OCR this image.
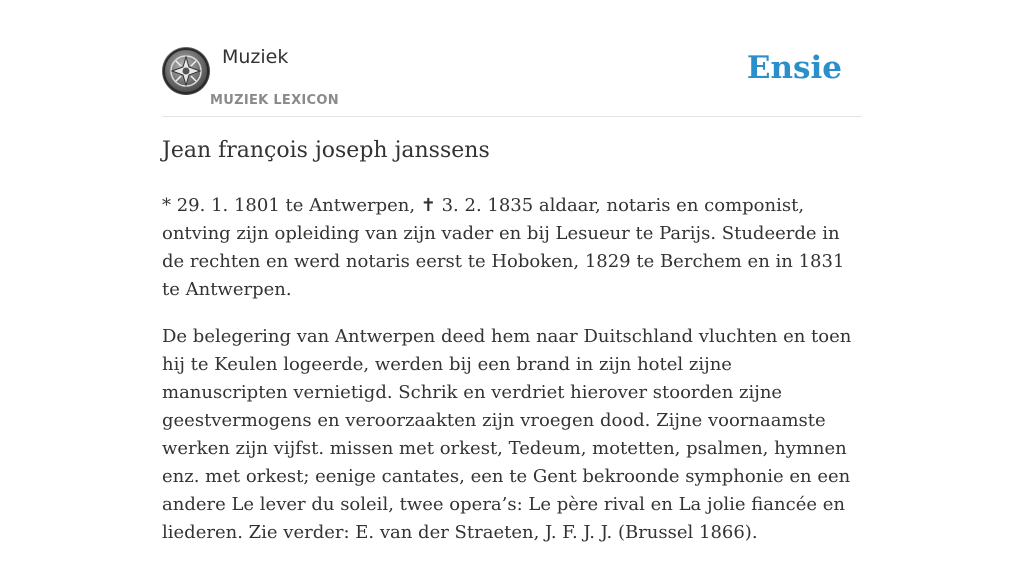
Muziek
MUZIEK LEXICON
Ensie
Jean françois joseph janssens

* 29. 1. 1801 te Antwerpen, ✝ 3. 2. 1835 aldaar, notaris en componist, ontving zijn opleiding van zijn vader en bij Lesueur te Parijs. Studeerde in de rechten en werd notaris eerst te Hoboken, 1829 te Berchem en in 1831 te Antwerpen.

De belegering van Antwerpen deed hem naar Duitschland vluchten en toen hij te Keulen logeerde, werden bij een brand in zijn hotel zijne manuscripten vernietigd. Schrik en verdriet hierover stoorden zijne geestvermogens en veroorzaakten zijn vroegen dood. Zijne voornaamste werken zijn vijfst. missen met orkest, Tedeum, motetten, psalmen, hymnen enz. met orkest; eenige cantates, een te Gent bekroonde symphonie en een andere Le lever du soleil, twee opera’s: Le père rival en La jolie fiancée en liederen. Zie verder: E. van der Straeten, J. F. J. J. (Brussel 1866).
